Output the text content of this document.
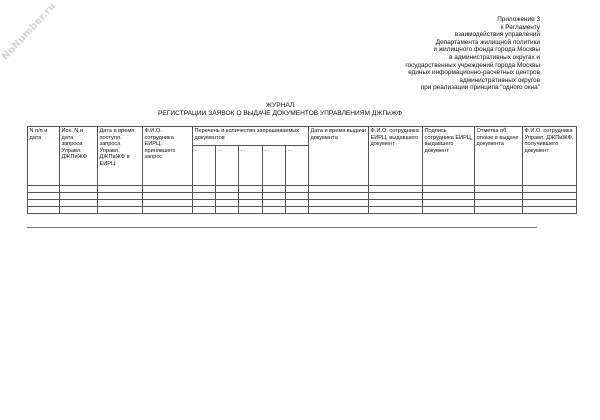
NoNumber.ru	Приложение 3
к Регламенту
взаимодействия управлений
Департамента жилищной политики
и жилищного фонда города Москвы
в административных округах и
государственных учреждений города Москвы
единых информационно-расчетных центров
административных округов
при реализации принципа "одного окна"
ЖУРНАЛ
РЕГИСТРАЦИИ ЗАЯВОК О ВЫДАЧЕ ДОКУМЕНТОВ УПРАВЛЕНИЯМ ДЖПиЖФ
N п/п и дата	Исх. N и дата запроса Управл. ДЖПиЖФ	Дата и время поступл. запроса Управл. ДЖПиЖФ в ЕИРЦ	Ф.И.О. сотрудника ЕИРЦ, принявшего запрос	Перечень и количество запрашиваемых документов					Дата и время выдачи документа	Ф.И.О. сотрудника ЕИРЦ, выдавшего документ	Подпись сотрудника ЕИРЦ, выдавшего документ	Отметка об отказе в выдаче документа	Ф.И.О. сотрудника Управл. ДЖПиЖФ, получившего документ
				...	...	...	...	...					
